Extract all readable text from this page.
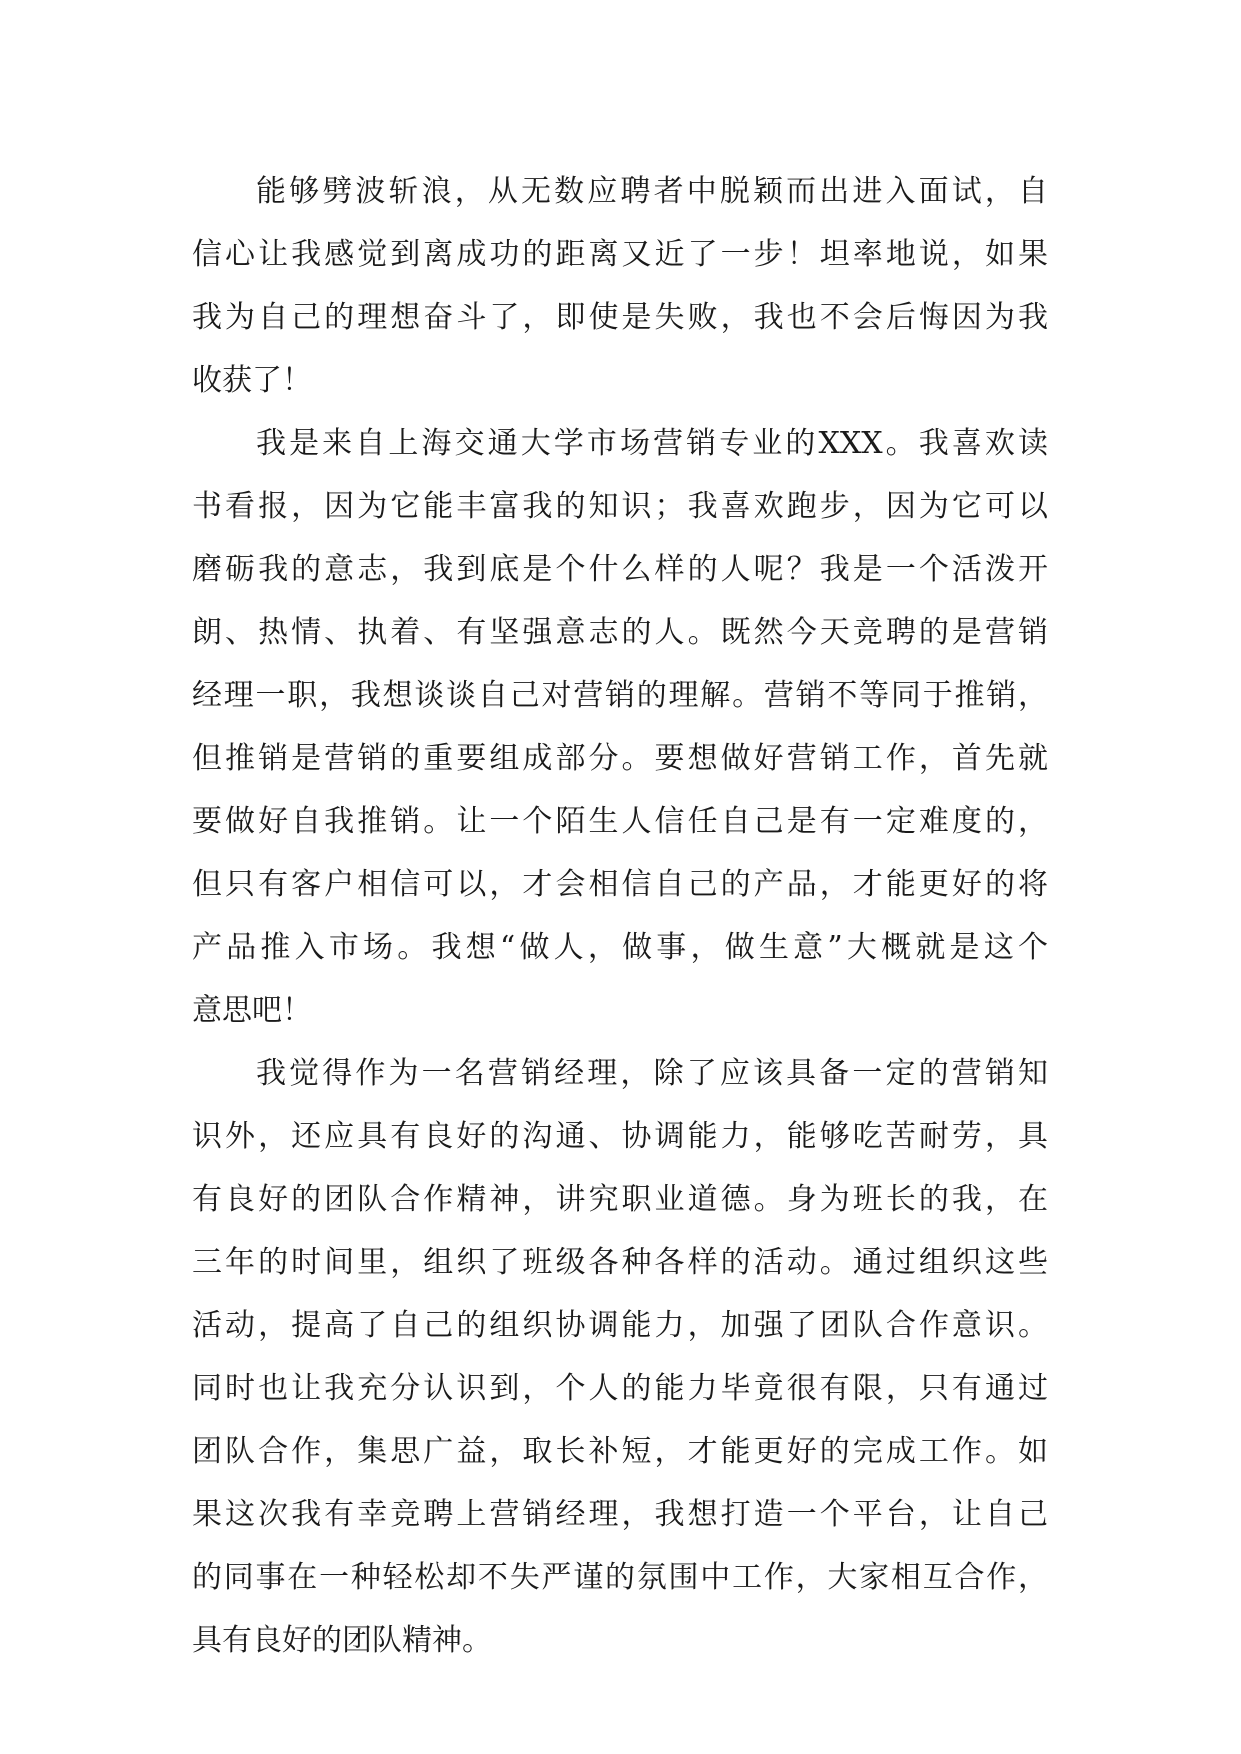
能够劈波斩浪，从无数应聘者中脱颖而出进入面试，自
信心让我感觉到离成功的距离又近了一步！坦率地说，如果
我为自己的理想奋斗了，即使是失败，我也不会后悔因为我
收获了！
我是来自上海交通大学市场营销专业的XXX。我喜欢读
书看报，因为它能丰富我的知识；我喜欢跑步，因为它可以
磨砺我的意志，我到底是个什么样的人呢？我是一个活泼开
朗、热情、执着、有坚强意志的人。既然今天竞聘的是营销
经理一职，我想谈谈自己对营销的理解。营销不等同于推销，
但推销是营销的重要组成部分。要想做好营销工作，首先就
要做好自我推销。让一个陌生人信任自己是有一定难度的，
但只有客户相信可以，才会相信自己的产品，才能更好的将
产品推入市场。我想“做人，做事，做生意”大概就是这个
意思吧！
我觉得作为一名营销经理，除了应该具备一定的营销知
识外，还应具有良好的沟通、协调能力，能够吃苦耐劳，具
有良好的团队合作精神，讲究职业道德。身为班长的我，在
三年的时间里，组织了班级各种各样的活动。通过组织这些
活动，提高了自己的组织协调能力，加强了团队合作意识。
同时也让我充分认识到，个人的能力毕竟很有限，只有通过
团队合作，集思广益，取长补短，才能更好的完成工作。如
果这次我有幸竞聘上营销经理，我想打造一个平台，让自己
的同事在一种轻松却不失严谨的氛围中工作，大家相互合作，
具有良好的团队精神。
